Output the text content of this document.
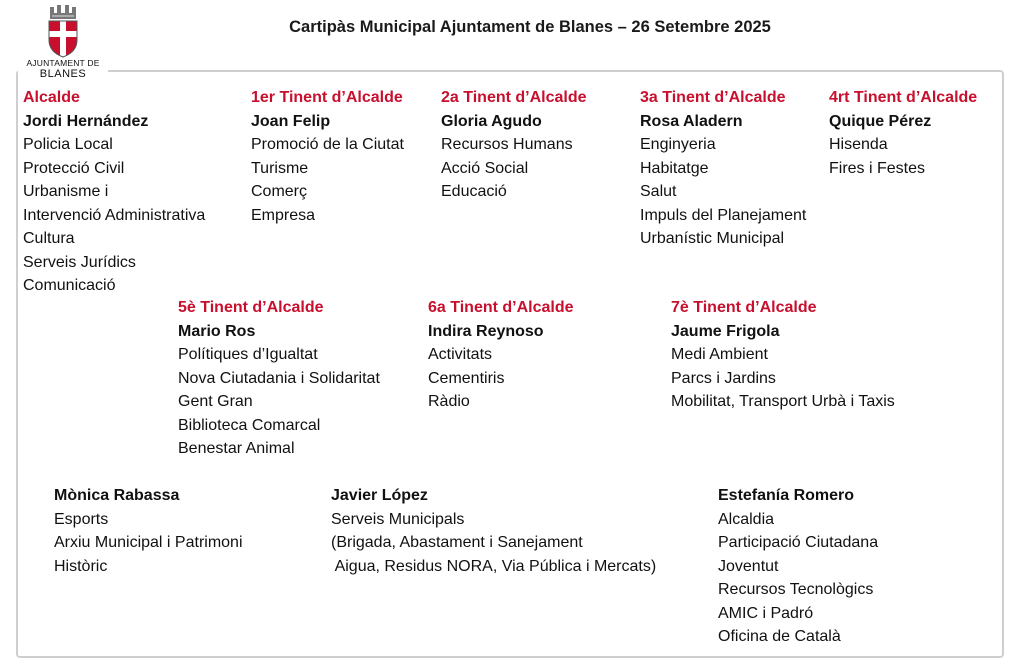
AJUNTAMENT DE
BLANES
Cartipàs Municipal Ajuntament de Blanes – 26 Setembre 2025
Alcalde
Jordi Hernández
Policia Local
Protecció Civil
Urbanisme i
Intervenció Administrativa
Cultura
Serveis Jurídics
Comunicació
1er Tinent d’Alcalde
Joan Felip
Promoció de la Ciutat
Turisme
Comerç
Empresa
2a Tinent d’Alcalde
Gloria Agudo
Recursos Humans
Acció Social
Educació
3a Tinent d’Alcalde
Rosa Aladern
Enginyeria
Habitatge
Salut
Impuls del Planejament
Urbanístic Municipal
4rt Tinent d’Alcalde
Quique Pérez
Hisenda
Fires i Festes
5è Tinent d’Alcalde
Mario Ros
Polítiques d’Igualtat
Nova Ciutadania i Solidaritat
Gent Gran
Biblioteca Comarcal
Benestar Animal
6a Tinent d’Alcalde
Indira Reynoso
Activitats
Cementiris
Ràdio
7è Tinent d’Alcalde
Jaume Frigola
Medi Ambient
Parcs i Jardins
Mobilitat, Transport Urbà i Taxis
Mònica Rabassa
Esports
Arxiu Municipal i Patrimoni
Històric
Javier López
Serveis Municipals
(Brigada, Abastament i Sanejament
Aigua, Residus NORA, Via Pública i Mercats)
Estefanía Romero
Alcaldia
Participació Ciutadana
Joventut
Recursos Tecnològics
AMIC i Padró
Oficina de Català
